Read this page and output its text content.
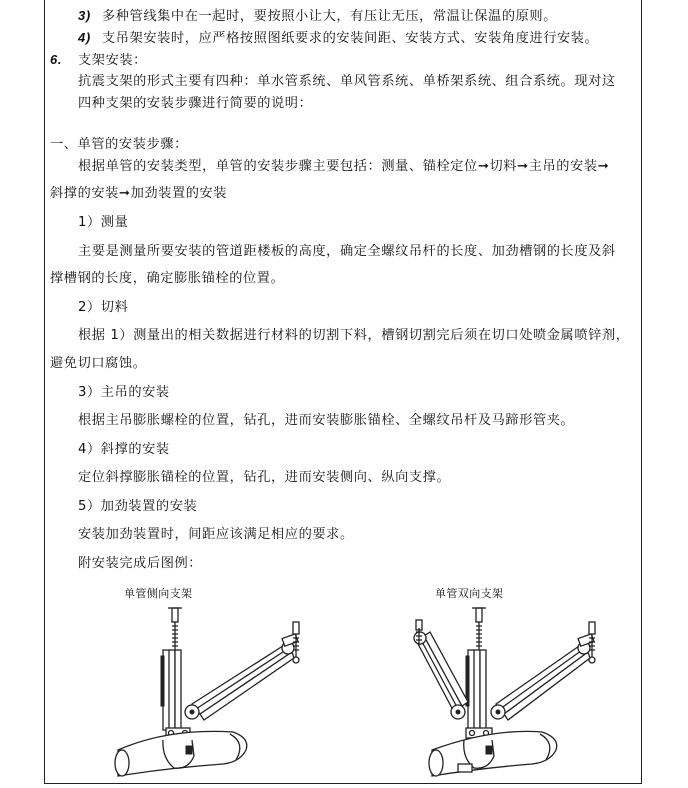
3) 多种管线集中在一起时，要按照小让大，有压让无压，常温让保温的原则。
4) 支吊架安装时，应严格按照图纸要求的安装间距、安装方式、安装角度进行安装。
6. 支架安装：
抗震支架的形式主要有四种：单水管系统、单风管系统、单桥架系统、组合系统。现对这
四种支架的安装步骤进行简要的说明：
一、单管的安装步骤：
根据单管的安装类型，单管的安装步骤主要包括：测量、锚栓定位➞切料➞主吊的安装➞
斜撑的安装➞加劲装置的安装
1）测量
主要是测量所要安装的管道距楼板的高度，确定全螺纹吊杆的长度、加劲槽钢的长度及斜
撑槽钢的长度，确定膨胀锚栓的位置。
2）切料
根据 1）测量出的相关数据进行材料的切割下料，槽钢切割完后须在切口处喷金属喷锌剂，
避免切口腐蚀。
3）主吊的安装
根据主吊膨胀螺栓的位置，钻孔，进而安装膨胀锚栓、全螺纹吊杆及马蹄形管夹。
4）斜撑的安装
定位斜撑膨胀锚栓的位置，钻孔，进而安装侧向、纵向支撑。
5）加劲装置的安装
安装加劲装置时，间距应该满足相应的要求。
附安装完成后图例：
单管侧向支架	单管双向支架
